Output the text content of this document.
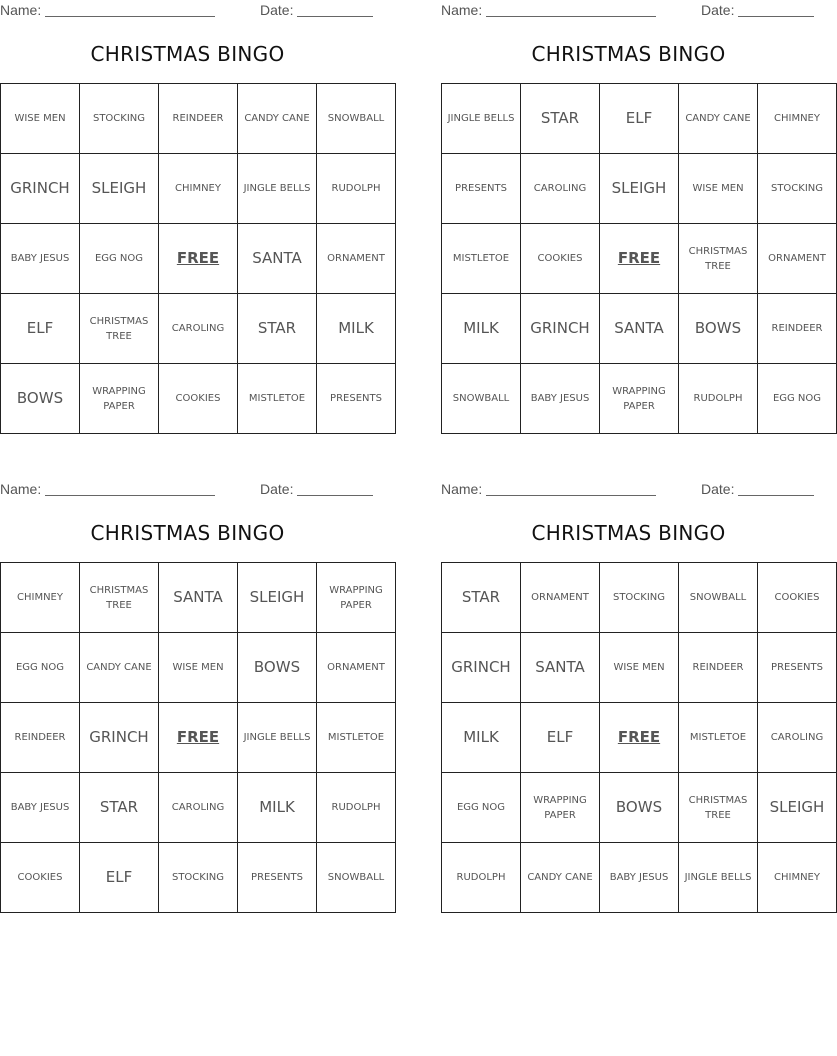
Name:	Date:
CHRISTMAS BINGO
WISE MEN	STOCKING	REINDEER	CANDY CANE	SNOWBALL
GRINCH	SLEIGH	CHIMNEY	JINGLE BELLS	RUDOLPH
BABY JESUS	EGG NOG	FREE	SANTA	ORNAMENT
ELF	CHRISTMAS TREE	CAROLING	STAR	MILK
BOWS	WRAPPING PAPER	COOKIES	MISTLETOE	PRESENTS
Name:	Date:
CHRISTMAS BINGO
JINGLE BELLS	STAR	ELF	CANDY CANE	CHIMNEY
PRESENTS	CAROLING	SLEIGH	WISE MEN	STOCKING
MISTLETOE	COOKIES	FREE	CHRISTMAS TREE	ORNAMENT
MILK	GRINCH	SANTA	BOWS	REINDEER
SNOWBALL	BABY JESUS	WRAPPING PAPER	RUDOLPH	EGG NOG
Name:	Date:
CHRISTMAS BINGO
CHIMNEY	CHRISTMAS TREE	SANTA	SLEIGH	WRAPPING PAPER
EGG NOG	CANDY CANE	WISE MEN	BOWS	ORNAMENT
REINDEER	GRINCH	FREE	JINGLE BELLS	MISTLETOE
BABY JESUS	STAR	CAROLING	MILK	RUDOLPH
COOKIES	ELF	STOCKING	PRESENTS	SNOWBALL
Name:	Date:
CHRISTMAS BINGO
STAR	ORNAMENT	STOCKING	SNOWBALL	COOKIES
GRINCH	SANTA	WISE MEN	REINDEER	PRESENTS
MILK	ELF	FREE	MISTLETOE	CAROLING
EGG NOG	WRAPPING PAPER	BOWS	CHRISTMAS TREE	SLEIGH
RUDOLPH	CANDY CANE	BABY JESUS	JINGLE BELLS	CHIMNEY
